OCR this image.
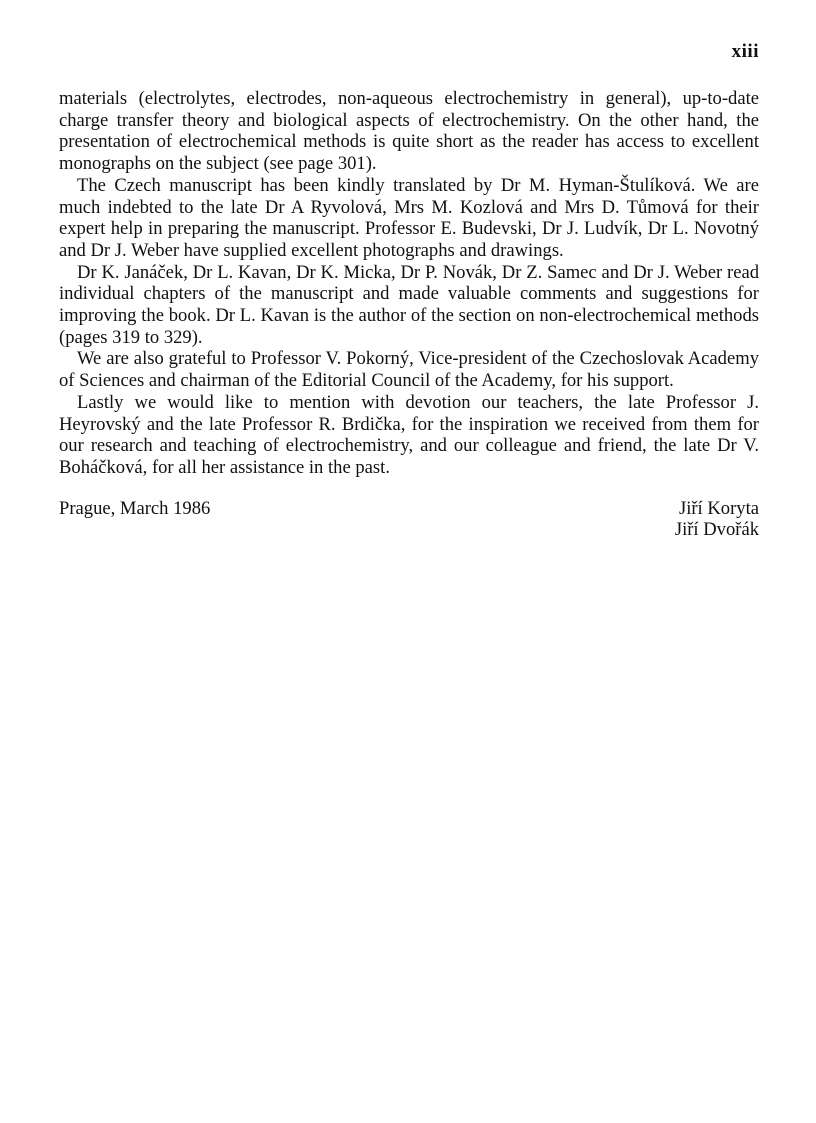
xiii

materials (electrolytes, electrodes, non-aqueous electrochemistry in general), up-to-date charge transfer theory and biological aspects of electrochemistry. On the other hand, the presentation of electrochemical methods is quite short as the reader has access to excellent monographs on the subject (see page 301).

The Czech manuscript has been kindly translated by Dr M. Hyman-Štulíková. We are much indebted to the late Dr A Ryvolová, Mrs M. Kozlová and Mrs D. Tůmová for their expert help in preparing the manuscript. Professor E. Budevski, Dr J. Ludvík, Dr L. Novotný and Dr J. Weber have supplied excellent photographs and drawings.

Dr K. Janáček, Dr L. Kavan, Dr K. Micka, Dr P. Novák, Dr Z. Samec and Dr J. Weber read individual chapters of the manuscript and made valuable comments and suggestions for improving the book. Dr L. Kavan is the author of the section on non-electrochemical methods (pages 319 to 329).

We are also grateful to Professor V. Pokorný, Vice-president of the Czechoslovak Academy of Sciences and chairman of the Editorial Council of the Academy, for his support.

Lastly we would like to mention with devotion our teachers, the late Professor J. Heyrovský and the late Professor R. Brdička, for the inspiration we received from them for our research and teaching of electrochemistry, and our colleague and friend, the late Dr V. Boháčková, for all her assistance in the past.

Prague, March 1986	Jiří Koryta
Jiří Dvořák
